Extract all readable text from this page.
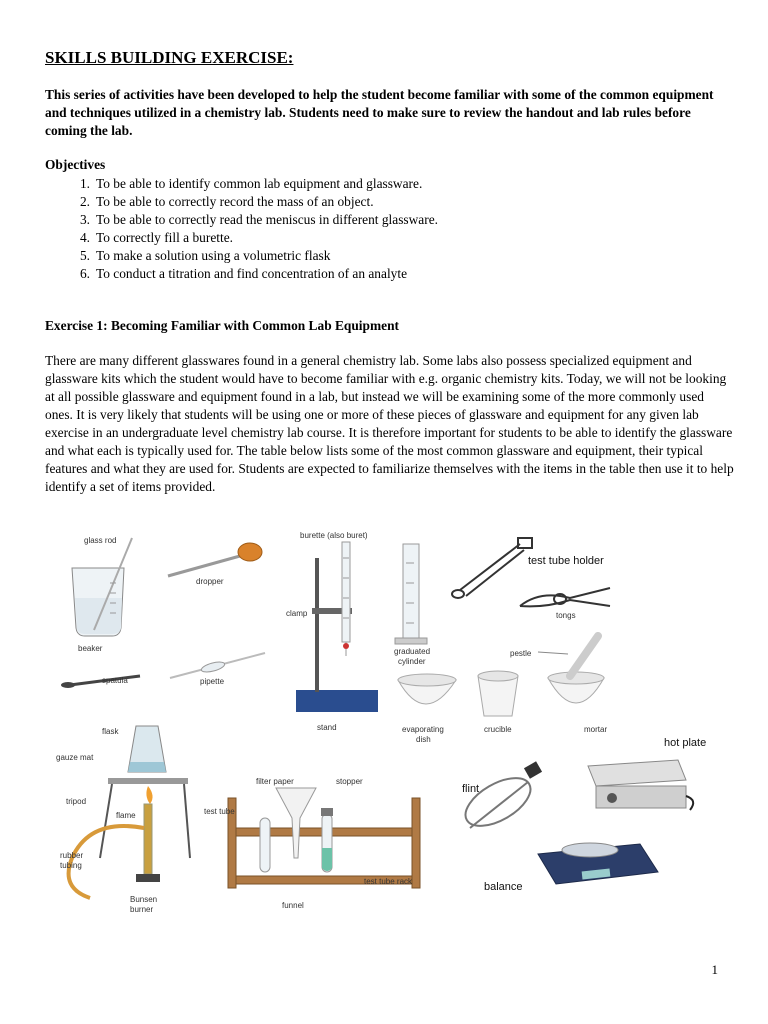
SKILLS BUILDING EXERCISE:

This series of activities have been developed to help the student become familiar with some of the common equipment and techniques utilized in a chemistry lab. Students need to make sure to review the handout and lab rules before coming the lab.

Objectives

1. To be able to identify common lab equipment and glassware.
2. To be able to correctly record the mass of an object.
3. To be able to correctly read the meniscus in different glassware.
4. To correctly fill a burette.
5. To make a solution using a volumetric flask
6. To conduct a titration and find concentration of an analyte

Exercise 1: Becoming Familiar with Common Lab Equipment

There are many different glasswares found in a general chemistry lab. Some labs also possess specialized equipment and glassware kits which the student would have to become familiar with e.g. organic chemistry kits. Today, we will not be looking at all possible glassware and equipment found in a lab, but instead we will be examining some of the more commonly used ones. It is very likely that students will be using one or more of these pieces of glassware and equipment for any given lab exercise in an undergraduate level chemistry lab course. It is therefore important for students to be able to identify the glassware and what each is typically used for. The table below lists some of the most common glassware and equipment, their typical features and what they are used for. Students are expected to familiarize themselves with the items in the table then use it to help identify a set of items provided.

glass rod
beaker
dropper
spatula	pipette
burette (also buret)
clamp
stand
graduated
cylinder
test tube holder
tongs
evaporating
dish
crucible
pestle
mortar
hot plate
flask
gauze mat
tripod
flame
rubber
tubing
Bunsen
burner
filter paper	stopper
test tube
funnel
test tube rack
flint
balance

1
